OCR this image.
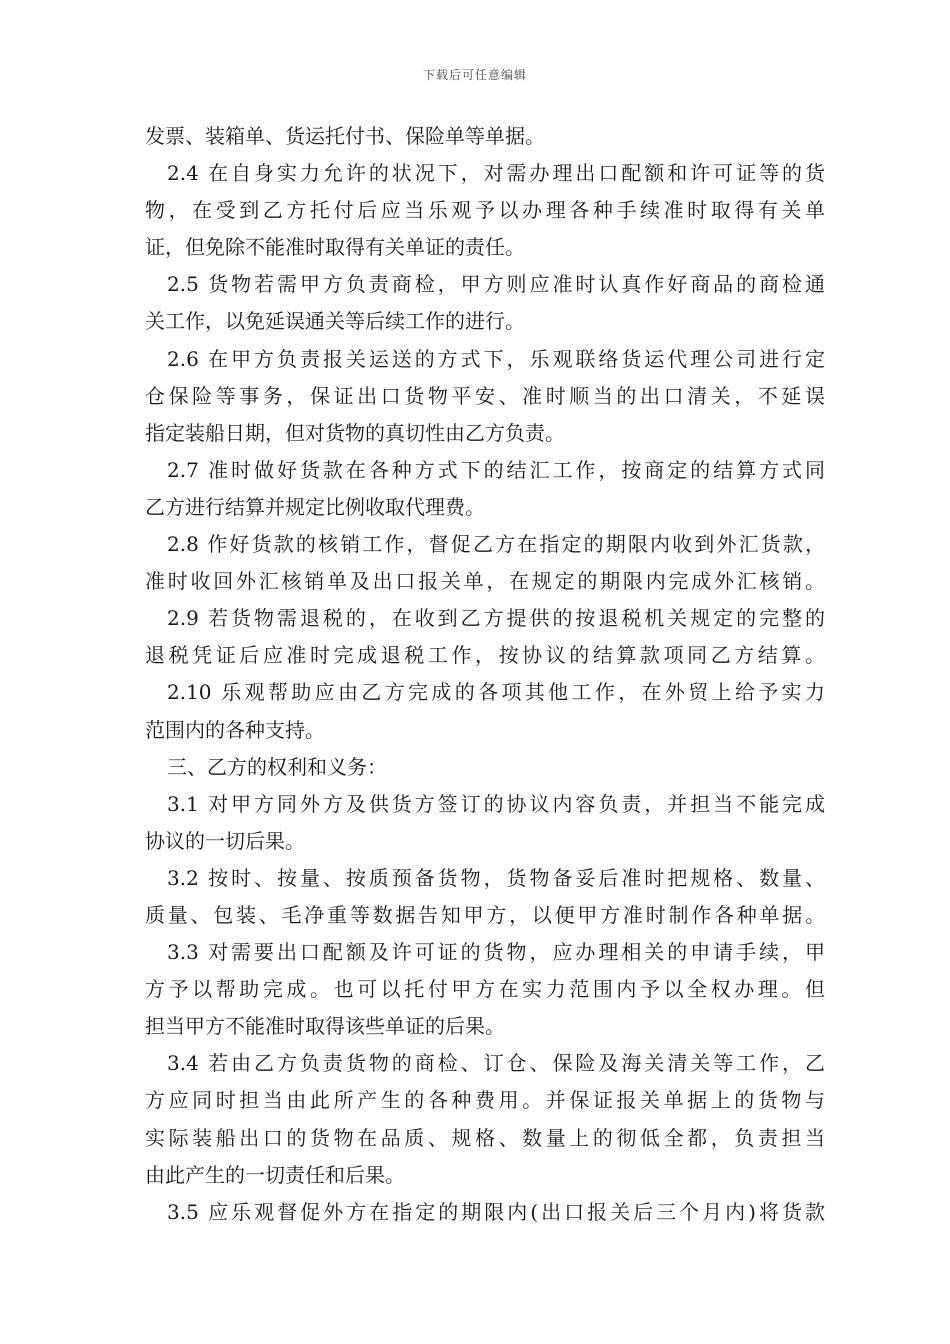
下载后可任意编辑
发票、装箱单、货运托付书、保险单等单据。
2.4 在自身实力允许的状况下，对需办理出口配额和许可证等的货
物，在受到乙方托付后应当乐观予以办理各种手续准时取得有关单
证，但免除不能准时取得有关单证的责任。
2.5 货物若需甲方负责商检，甲方则应准时认真作好商品的商检通
关工作，以免延误通关等后续工作的进行。
2.6 在甲方负责报关运送的方式下，乐观联络货运代理公司进行定
仓保险等事务，保证出口货物平安、准时顺当的出口清关，不延误
指定装船日期，但对货物的真切性由乙方负责。
2.7 准时做好货款在各种方式下的结汇工作，按商定的结算方式同
乙方进行结算并规定比例收取代理费。
2.8 作好货款的核销工作，督促乙方在指定的期限内收到外汇货款，
准时收回外汇核销单及出口报关单，在规定的期限内完成外汇核销。
2.9 若货物需退税的，在收到乙方提供的按退税机关规定的完整的
退税凭证后应准时完成退税工作，按协议的结算款项同乙方结算。
2.10 乐观帮助应由乙方完成的各项其他工作，在外贸上给予实力
范围内的各种支持。
三、乙方的权利和义务：
3.1 对甲方同外方及供货方签订的协议内容负责，并担当不能完成
协议的一切后果。
3.2 按时、按量、按质预备货物，货物备妥后准时把规格、数量、
质量、包装、毛净重等数据告知甲方，以便甲方准时制作各种单据。
3.3 对需要出口配额及许可证的货物，应办理相关的申请手续，甲
方予以帮助完成。也可以托付甲方在实力范围内予以全权办理。但
担当甲方不能准时取得该些单证的后果。
3.4 若由乙方负责货物的商检、订仓、保险及海关清关等工作，乙
方应同时担当由此所产生的各种费用。并保证报关单据上的货物与
实际装船出口的货物在品质、规格、数量上的彻低全都，负责担当
由此产生的一切责任和后果。
3.5 应乐观督促外方在指定的期限内(出口报关后三个月内)将货款
